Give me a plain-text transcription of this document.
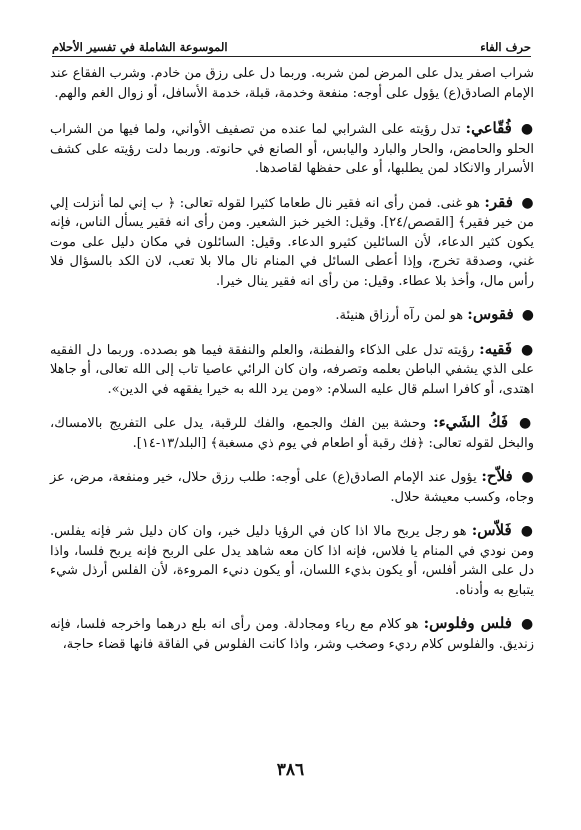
حرف الفاء
الموسوعة الشاملة في تفسير الأحلام

شراب اصفر يدل على المرض لمن شربه. وربما دل على رزق من خادم. وشرب الفقاع عند الإمام الصادق(ع) يؤول على أوجه: منفعة وخدمة، قبلة، خدمة الأسافل، أو زوال الغم والهم.

● فُقّاعي: تدل رؤيته على الشرابي لما عنده من تصفيف الأواني، ولما فيها من الشراب الحلو والحامض، والحار والبارد واليابس، أو الصانع في حانوته. وربما دلت رؤيته على كشف الأسرار والانكاد لمن يطلبها، أو على حفظها لقاصدها.

● فقر: هو غنى. فمن رأى انه فقير نال طعاما كثيرا لقوله تعالى: ﴿ ب إني لما أنزلت إلي من خير فقير﴾ [القصص/٢٤]. وقيل: الخير خبز الشعير. ومن رأى انه فقير يسأل الناس، فإنه يكون كثير الدعاء، لأن السائلين كثيرو الدعاء. وقيل: السائلون في مكان دليل على موت غني، وصدقة تخرج، وإذا أعطى السائل في المنام نال مالا بلا تعب، لان الكد بالسؤال فلا رأس مال، وأخذ بلا عطاء. وقيل: من رأى انه فقير ينال خيرا.

● فقوس: هو لمن رآه أرزاق هنيئة.

● فَقيه: رؤيته تدل على الذكاء والفطنة، والعلم والنفقة فيما هو بصدده. وربما دل الفقيه على الذي يشفي الباطن بعلمه وتصرفه، وان كان الرائي عاصيا تاب إلى الله تعالى، أو جاهلا اهتدى، أو كافرا اسلم قال عليه السلام: «ومن يرد الله به خيرا يفقهه في الدين».

● فَكُ الشَيء: وحشة بين الفك والجمع، والفك للرقبة، يدل على التفريج بالامساك، والبخل لقوله تعالى: ﴿فك رقبة أو اطعام في يوم ذي مسغبة﴾ [البلد/١٣-١٤].

● فلاّح: يؤول عند الإمام الصادق(ع) على أوجه: طلب رزق حلال، خير ومنفعة، مرض، عز وجاه، وكسب معيشة حلال.

● فَلاّس: هو رجل يربح مالا اذا كان في الرؤيا دليل خير، وان كان دليل شر فإنه يفلس. ومن نودي في المنام يا فلاس، فإنه اذا كان معه شاهد يدل على الربح فإنه يربح فلسا، واذا دل على الشر أفلس، أو يكون بذيء اللسان، أو يكون دنيء المروءة، لأن الفلس أرذل شيء يتبايع به وأدناه.

● فلس وفلوس: هو كلام مع رياء ومجادلة. ومن رأى انه بلع درهما واخرجه فلسا، فإنه زنديق. والفلوس كلام رديء وصخب وشر، واذا كانت الفلوس في الفاقة فانها قضاء حاجة،

٣٨٦
